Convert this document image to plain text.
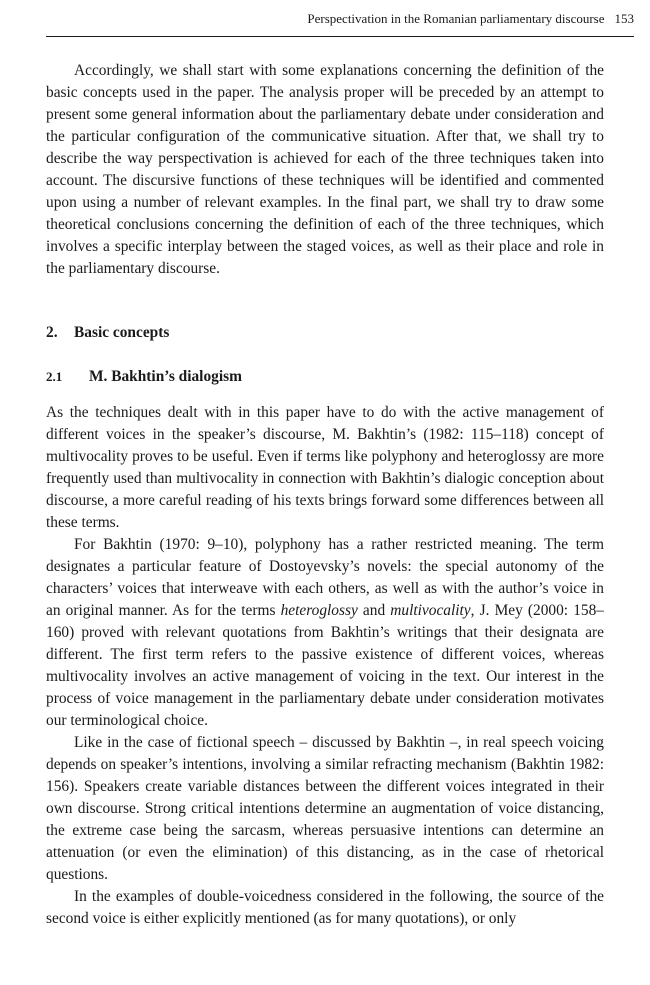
Perspectivation in the Romanian parliamentary discourse 153

Accordingly, we shall start with some explanations concerning the definition of the basic concepts used in the paper. The analysis proper will be preceded by an attempt to present some general information about the parliamentary debate under consideration and the particular configuration of the communicative situation. After that, we shall try to describe the way perspectivation is achieved for each of the three techniques taken into account. The discursive functions of these techniques will be identified and commented upon using a number of relevant examples. In the final part, we shall try to draw some theoretical conclusions concerning the definition of each of the three techniques, which involves a specific interplay between the staged voices, as well as their place and role in the parliamentary discourse.

2. Basic concepts
2.1 M. Bakhtin’s dialogism

As the techniques dealt with in this paper have to do with the active management of different voices in the speaker’s discourse, M. Bakhtin’s (1982: 115–118) concept of multivocality proves to be useful. Even if terms like polyphony and heteroglossy are more frequently used than multivocality in connection with Bakhtin’s dialogic conception about discourse, a more careful reading of his texts brings forward some differences between all these terms.

For Bakhtin (1970: 9–10), polyphony has a rather restricted meaning. The term designates a particular feature of Dostoyevsky’s novels: the special autonomy of the characters’ voices that interweave with each others, as well as with the author’s voice in an original manner. As for the terms heteroglossy and multivocality, J. Mey (2000: 158–160) proved with relevant quotations from Bakhtin’s writings that their designata are different. The first term refers to the passive existence of different voices, whereas multivocality involves an active management of voicing in the text. Our interest in the process of voice management in the parliamentary debate under consideration motivates our terminological choice.

Like in the case of fictional speech – discussed by Bakhtin –, in real speech voicing depends on speaker’s intentions, involving a similar refracting mechanism (Bakhtin 1982: 156). Speakers create variable distances between the different voices integrated in their own discourse. Strong critical intentions determine an augmentation of voice distancing, the extreme case being the sarcasm, whereas persuasive intentions can determine an attenuation (or even the elimination) of this distancing, as in the case of rhetorical questions.

In the examples of double-voicedness considered in the following, the source of the second voice is either explicitly mentioned (as for many quotations), or only
